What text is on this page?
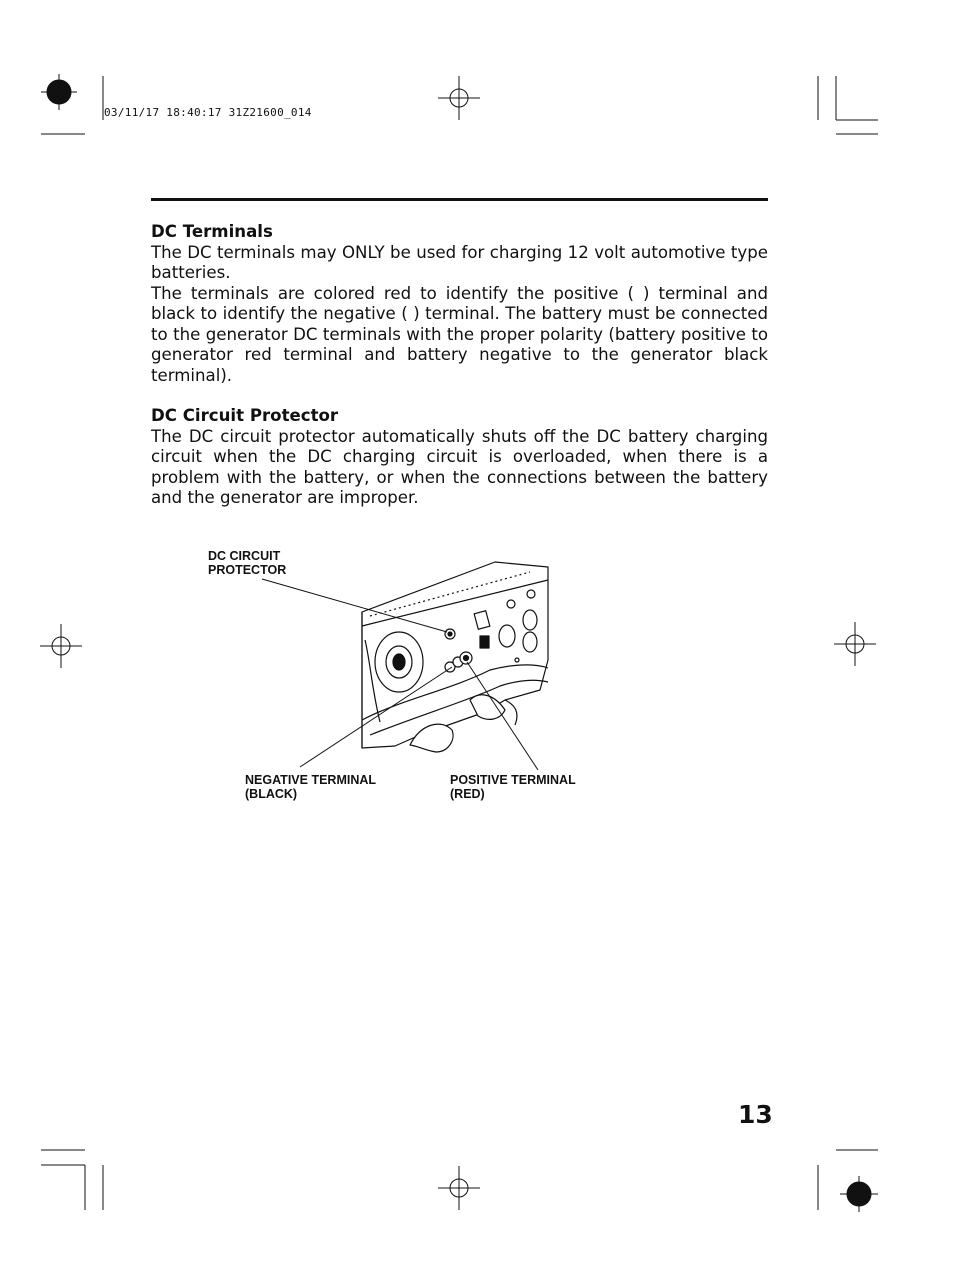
03/11/17 18:40:17 31Z21600_014
DC Terminals

The DC terminals may ONLY be used for charging 12 volt automotive type batteries.

The terminals are colored red to identify the positive ( ) terminal and black to identify the negative ( ) terminal. The battery must be connected to the generator DC terminals with the proper polarity (battery positive to generator red terminal and battery negative to the generator black terminal).

DC Circuit Protector

The DC circuit protector automatically shuts off the DC battery charging circuit when the DC charging circuit is overloaded, when there is a problem with the battery, or when the connections between the battery and the generator are improper.

DC CIRCUIT
PROTECTOR
NEGATIVE TERMINAL
(BLACK)
POSITIVE TERMINAL
(RED)
13
